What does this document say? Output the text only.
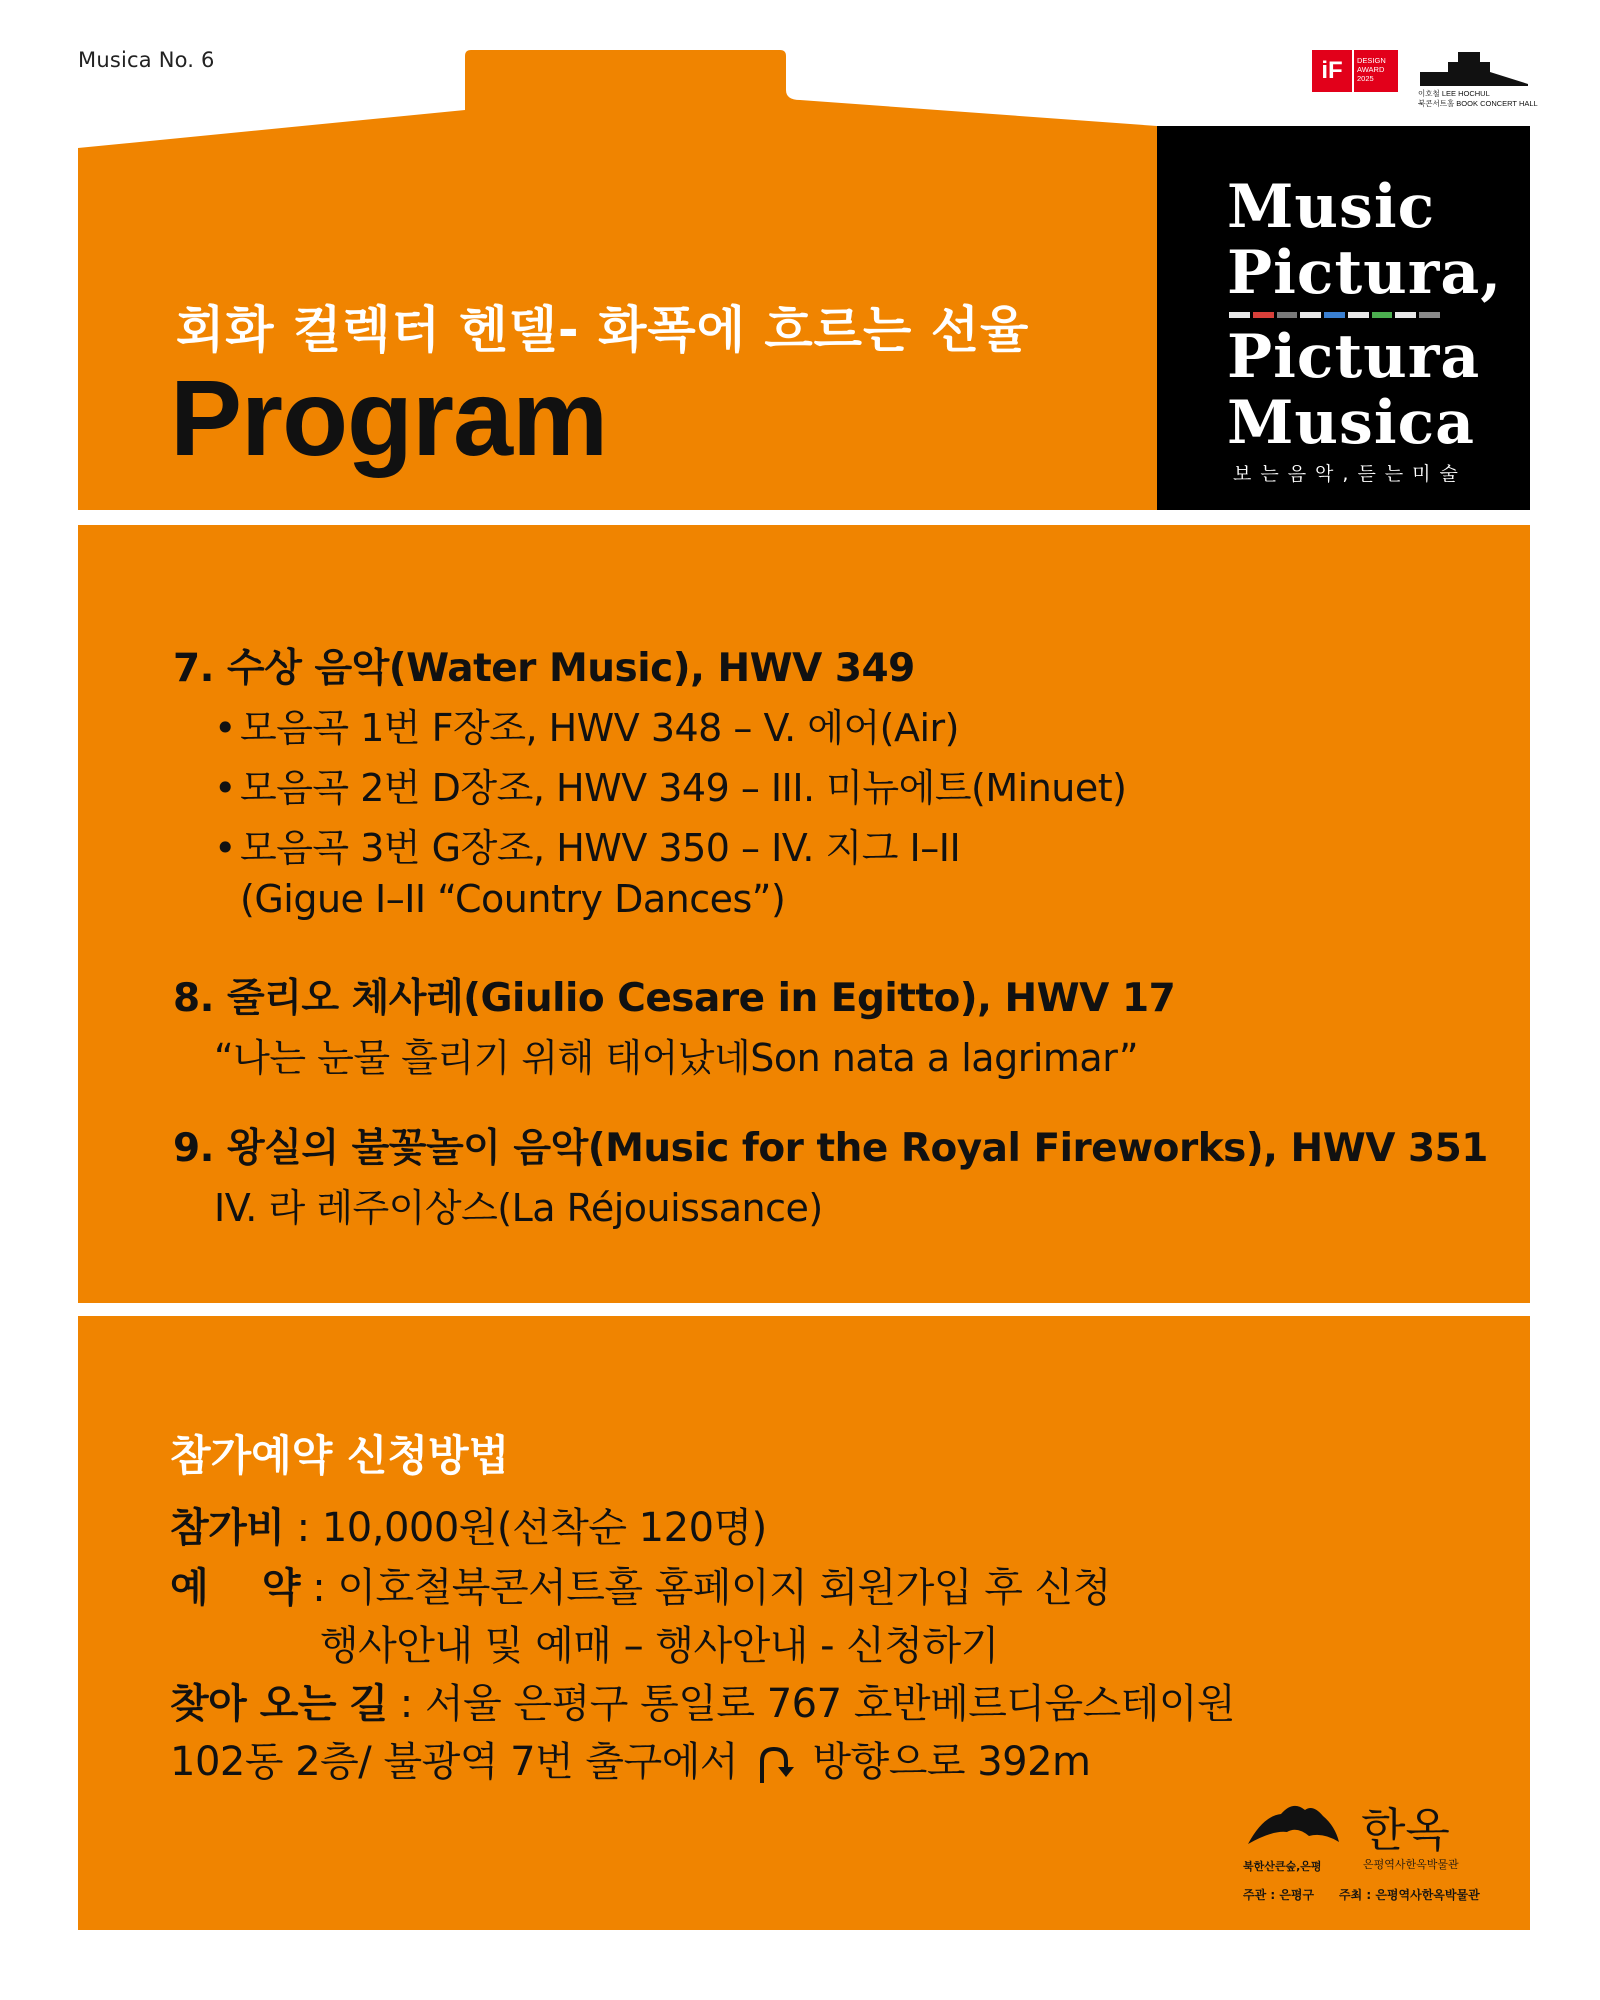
Musica No. 6	iF	DESIGN
AWARD
2025
이호철 LEE HOCHUL
북콘서트홀 BOOK CONCERT HALL
회화 컬렉터 헨델- 화폭에 흐르는 선율
Program
Music
Pictura,
Pictura
Musica
보는음악,듣는미술
7. 수상 음악(Water Music), HWV 349
• 모음곡 1번 F장조, HWV 348 – V. 에어(Air)
• 모음곡 2번 D장조, HWV 349 – III. 미뉴에트(Minuet)
• 모음곡 3번 G장조, HWV 350 – IV. 지그 I–II
(Gigue I–II “Country Dances”)
8. 줄리오 체사레(Giulio Cesare in Egitto), HWV 17
“나는 눈물 흘리기 위해 태어났네Son nata a lagrimar”
9. 왕실의 불꽃놀이 음악(Music for the Royal Fireworks), HWV 351
IV. 라 레주이상스(La Réjouissance)
참가예약 신청방법
참가비 : 10,000원(선착순 120명)
예    약 : 이호철북콘서트홀 홈페이지 회원가입 후 신청
행사안내 및 예매 – 행사안내 - 신청하기
찾아 오는 길 : 서울 은평구 통일로 767 호반베르디움스테이원
102동 2층/ 불광역 7번 출구에서 방향으로 392m
북한산큰숲,은평
한옥
은평역사한옥박물관
주관 : 은평구 주최 : 은평역사한옥박물관
